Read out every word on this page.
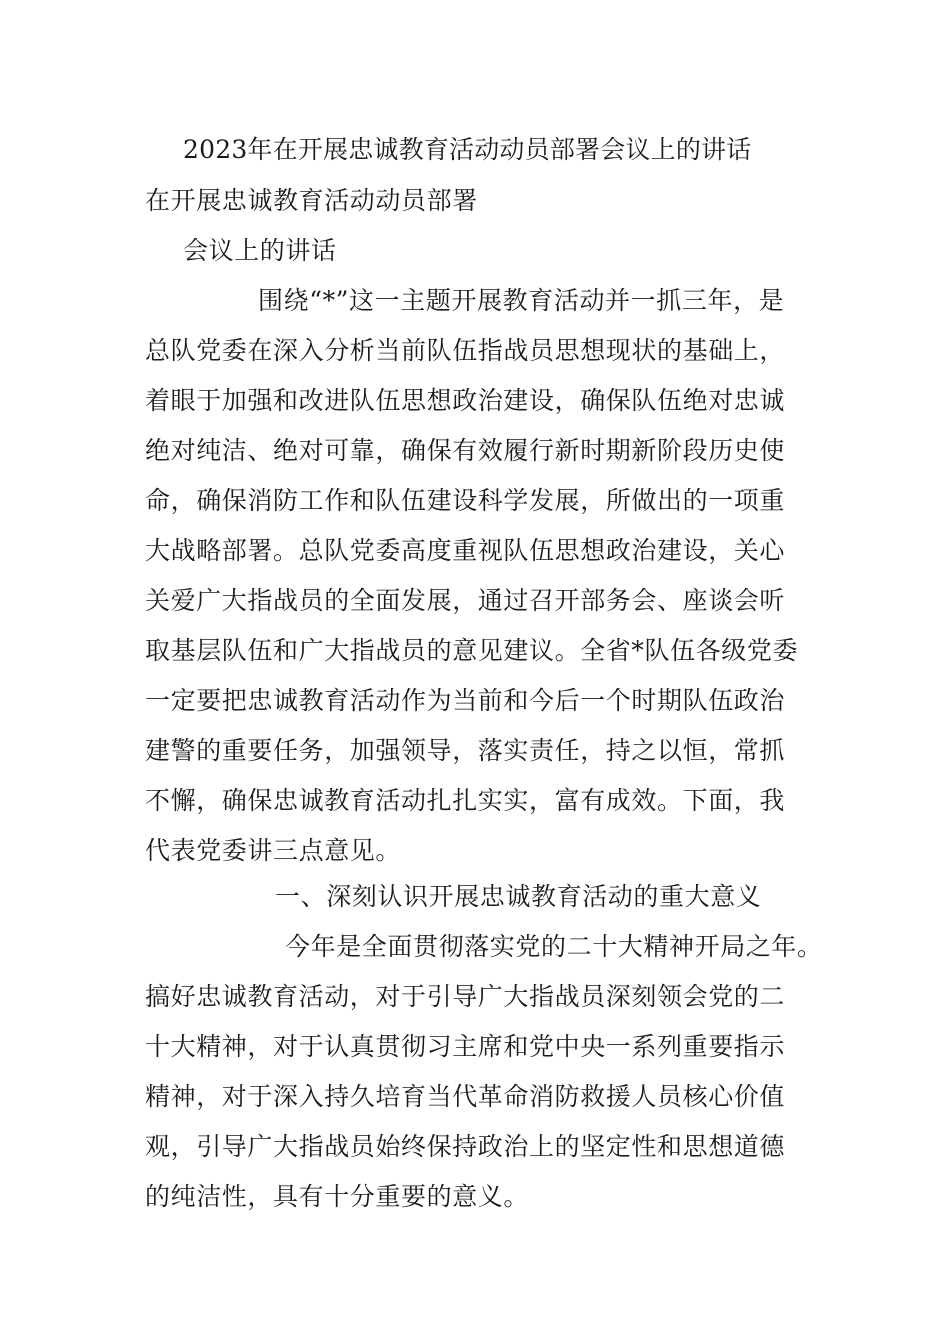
2023年在开展忠诚教育活动动员部署会议上的讲话
在开展忠诚教育活动动员部署
会议上的讲话
围绕“*”这一主题开展教育活动并一抓三年，是
总队党委在深入分析当前队伍指战员思想现状的基础上，
着眼于加强和改进队伍思想政治建设，确保队伍绝对忠诚
绝对纯洁、绝对可靠，确保有效履行新时期新阶段历史使
命，确保消防工作和队伍建设科学发展，所做出的一项重
大战略部署。总队党委高度重视队伍思想政治建设，关心
关爱广大指战员的全面发展，通过召开部务会、座谈会听
取基层队伍和广大指战员的意见建议。全省*队伍各级党委
一定要把忠诚教育活动作为当前和今后一个时期队伍政治
建警的重要任务，加强领导，落实责任，持之以恒，常抓
不懈，确保忠诚教育活动扎扎实实，富有成效。下面，我
代表党委讲三点意见。
一、深刻认识开展忠诚教育活动的重大意义
今年是全面贯彻落实党的二十大精神开局之年。
搞好忠诚教育活动，对于引导广大指战员深刻领会党的二
十大精神，对于认真贯彻习主席和党中央一系列重要指示
精神，对于深入持久培育当代革命消防救援人员核心价值
观，引导广大指战员始终保持政治上的坚定性和思想道德
的纯洁性，具有十分重要的意义。
